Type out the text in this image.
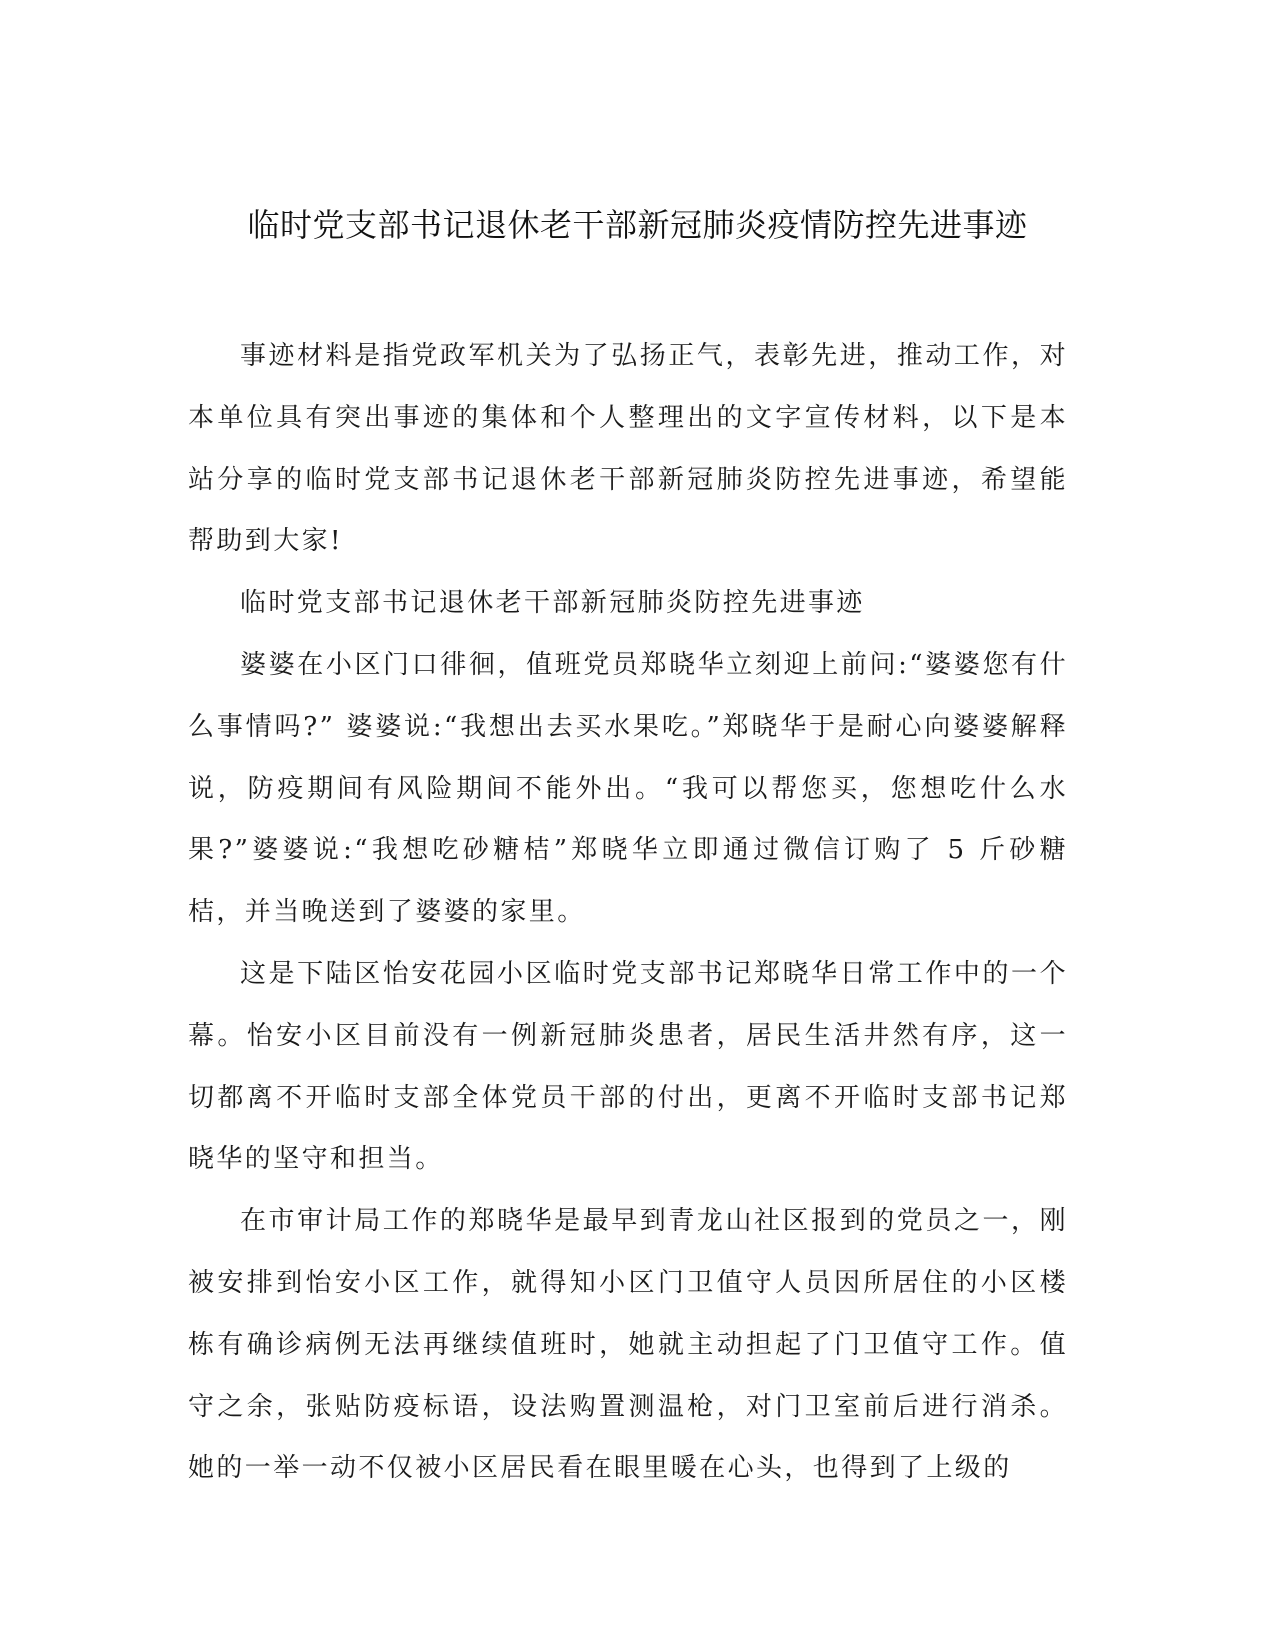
临时党支部书记退休老干部新冠肺炎疫情防控先进事迹

事迹材料是指党政军机关为了弘扬正气，表彰先进，推动工作，对本单位具有突出事迹的集体和个人整理出的文字宣传材料，以下是本站分享的临时党支部书记退休老干部新冠肺炎防控先进事迹，希望能帮助到大家!

临时党支部书记退休老干部新冠肺炎防控先进事迹

婆婆在小区门口徘徊，值班党员郑晓华立刻迎上前问:“婆婆您有什么事情吗?” 婆婆说:“我想出去买水果吃。”郑晓华于是耐心向婆婆解释说，防疫期间有风险期间不能外出。“我可以帮您买，您想吃什么水果?”婆婆说:“我想吃砂糖桔”郑晓华立即通过微信订购了 5 斤砂糖桔，并当晚送到了婆婆的家里。

这是下陆区怡安花园小区临时党支部书记郑晓华日常工作中的一个幕。怡安小区目前没有一例新冠肺炎患者，居民生活井然有序，这一切都离不开临时支部全体党员干部的付出，更离不开临时支部书记郑晓华的坚守和担当。

在市审计局工作的郑晓华是最早到青龙山社区报到的党员之一，刚被安排到怡安小区工作，就得知小区门卫值守人员因所居住的小区楼栋有确诊病例无法再继续值班时，她就主动担起了门卫值守工作。值守之余，张贴防疫标语，设法购置测温枪，对门卫室前后进行消杀。她的一举一动不仅被小区居民看在眼里暖在心头，也得到了上级的
